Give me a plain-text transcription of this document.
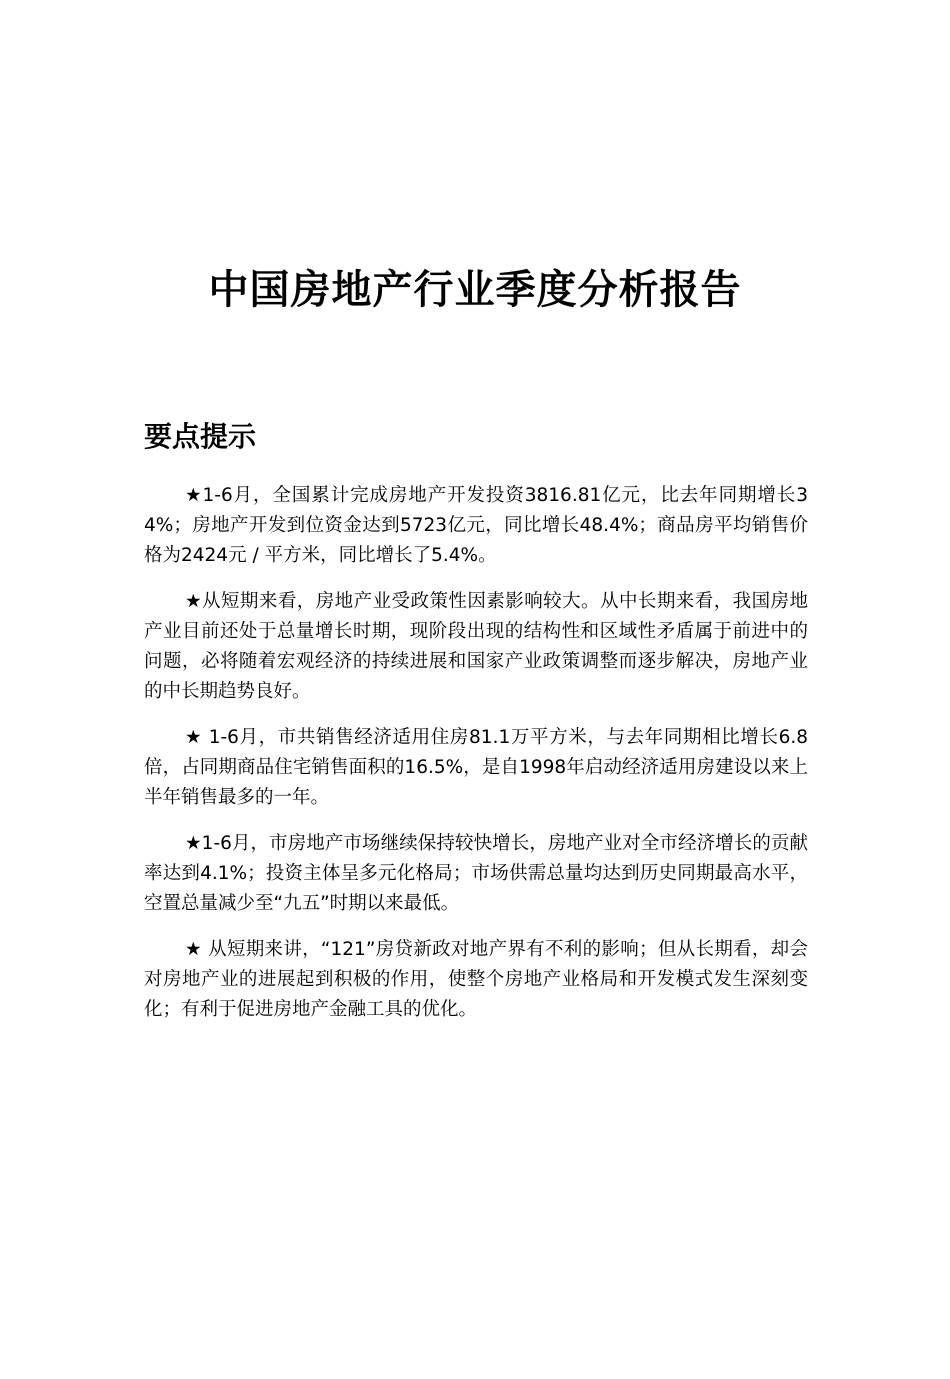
中国房地产行业季度分析报告
要点提示

★1-6月，全国累计完成房地产开发投资3816.81亿元，比去年同期增长34%；房地产开发到位资金达到5723亿元，同比增长48.4%；商品房平均销售价格为2424元 / 平方米，同比增长了5.4%。

★从短期来看，房地产业受政策性因素影响较大。从中长期来看，我国房地产业目前还处于总量增长时期，现阶段出现的结构性和区域性矛盾属于前进中的问题，必将随着宏观经济的持续进展和国家产业政策调整而逐步解决，房地产业的中长期趋势良好。

★ 1-6月，市共销售经济适用住房81.1万平方米，与去年同期相比增长6.8倍，占同期商品住宅销售面积的16.5%，是自1998年启动经济适用房建设以来上半年销售最多的一年。

★1-6月，市房地产市场继续保持较快增长，房地产业对全市经济增长的贡献率达到4.1%；投资主体呈多元化格局；市场供需总量均达到历史同期最高水平，空置总量减少至“九五”时期以来最低。

★ 从短期来讲，“121”房贷新政对地产界有不利的影响；但从长期看，却会对房地产业的进展起到积极的作用，使整个房地产业格局和开发模式发生深刻变化；有利于促进房地产金融工具的优化。
